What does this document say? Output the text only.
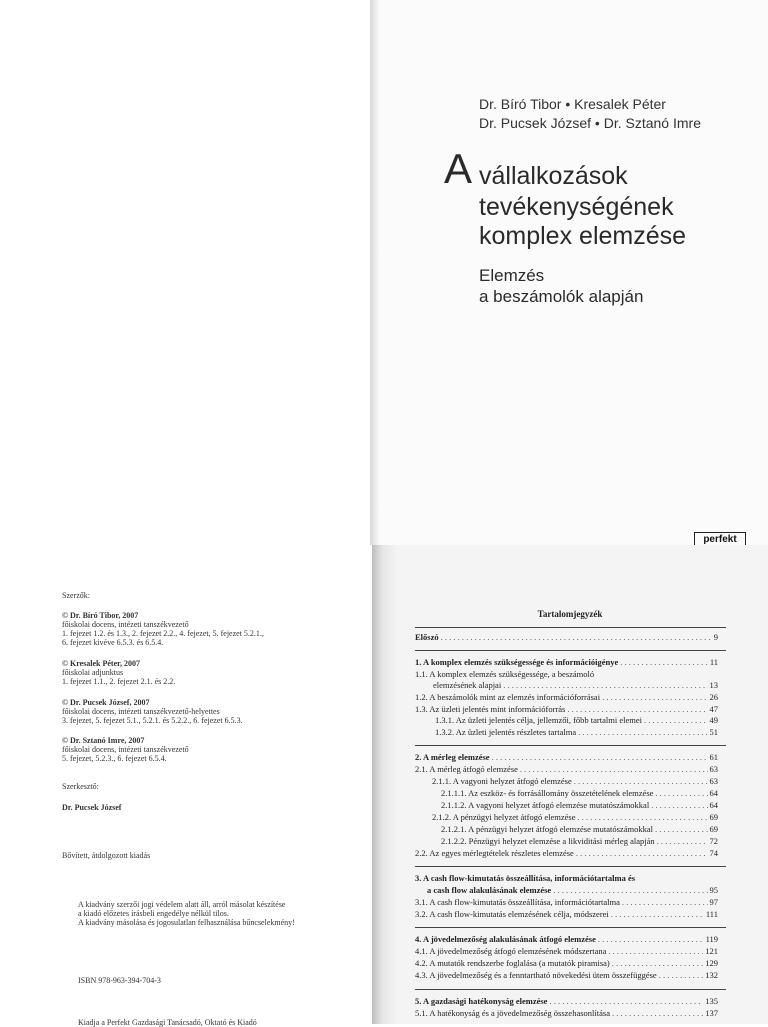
Dr. Bíró Tibor • Kresalek Péter
Dr. Pucsek József • Dr. Sztanó Imre
A vállalkozások
tevékenységének
komplex elemzése
Elemzés
a beszámolók alapján
perfekt
Szerzők:
© Dr. Bíró Tibor, 2007
főiskolai docens, intézeti tanszékvezető
1. fejezet 1.2. és 1.3., 2. fejezet 2.2., 4. fejezet, 5. fejezet 5.2.1.,
6. fejezet kivéve 6.5.3. és 6.5.4.
© Kresalek Péter, 2007
főiskolai adjunktus
1. fejezet 1.1., 2. fejezet 2.1. és 2.2.
© Dr. Pucsek József, 2007
főiskolai docens, intézeti tanszékvezető-helyettes
3. fejezet, 5. fejezet 5.1., 5.2.1. és 5.2.2., 6. fejezet 6.5.3.
© Dr. Sztanó Imre, 2007
főiskolai docens, intézeti tanszékvezető
5. fejezet, 5.2.3., 6. fejezet 6.5.4.
Szerkesztő:
Dr. Pucsek József
Bővített, átdolgozott kiadás
A kiadvány szerzői jogi védelem alatt áll, arról másolat készítése
a kiadó előzetes írásbeli engedélye nélkül tilos.
A kiadvány másolása és jogosulatlan felhasználása bűncselekmény!
ISBN 978-963-394-704-3
Kiadja a Perfekt Gazdasági Tanácsadó, Oktató és Kiadó
Tartalomjegyzék
Előszó . . .	9
1. A komplex elemzés szükségessége és információigénye . . .	11
1.1. A komplex elemzés szükségessége, a beszámoló
elemzésének alapjai . . .	13
1.2. A beszámolók mint az elemzés információforrásai . . .	26
1.3. Az üzleti jelentés mint információforrás . . .	47
1.3.1. Az üzleti jelentés célja, jellemzői, főbb tartalmi elemei . . .	49
1.3.2. Az üzleti jelentés részletes tartalma . . .	51
2. A mérleg elemzése . . .	61
2.1. A mérleg átfogó elemzése . . .	63
2.1.1. A vagyoni helyzet átfogó elemzése . . .	63
2.1.1.1. Az eszköz- és forrásállomány összetételének elemzése . . .	64
2.1.1.2. A vagyoni helyzet átfogó elemzése mutatószámokkal . . .	64
2.1.2. A pénzügyi helyzet átfogó elemzése . . .	69
2.1.2.1. A pénzügyi helyzet átfogó elemzése mutatószámokkal . . .	69
2.1.2.2. Pénzügyi helyzet elemzése a likviditási mérleg alapján . . .	72
2.2. Az egyes mérlegtételek részletes elemzése . . .	74
3. A cash flow-kimutatás összeállítása, információtartalma és
a cash flow alakulásának elemzése . . .	95
3.1. A cash flow-kimutatás összeállítása, információtartalma . . .	97
3.2. A cash flow-kimutatás elemzésének célja, módszerei . . .	111
4. A jövedelmezőség alakulásának átfogó elemzése . . .	119
4.1. A jövedelmezőség átfogó elemzésének módszertana . . .	121
4.2. A mutatók rendszerbe foglalása (a mutatók piramisa) . . .	129
4.3. A jövedelmezőség és a fenntartható növekedési ütem összefüggése . . .	132
5. A gazdasági hatékonyság elemzése . . .	135
5.1. A hatékonyság és a jövedelmezőség összehasonlítása . . .	137
